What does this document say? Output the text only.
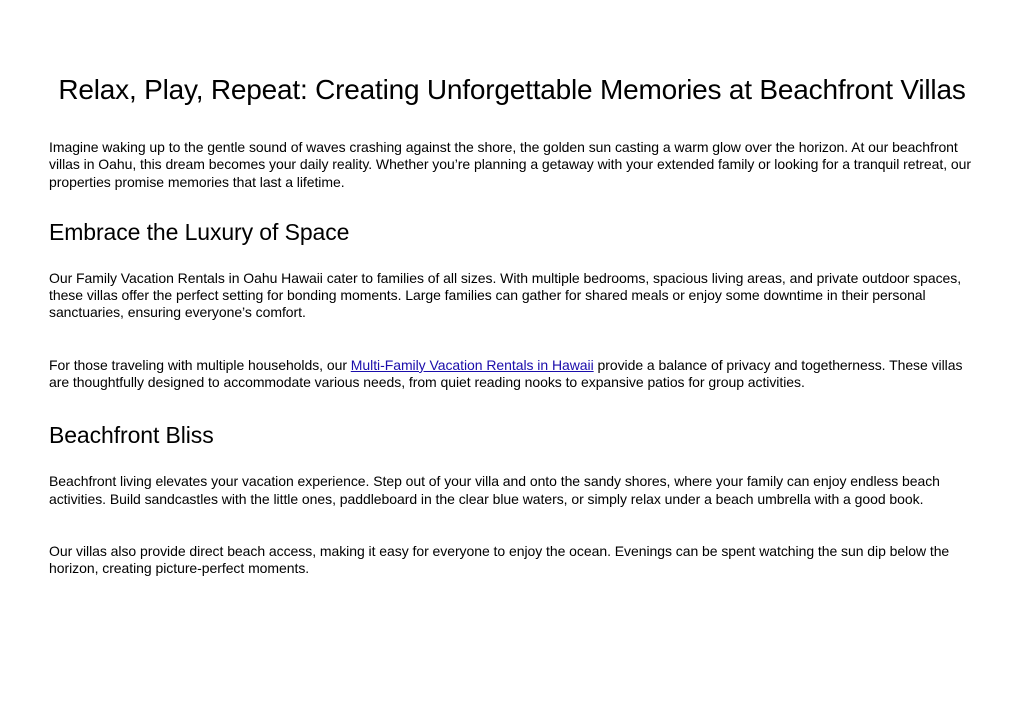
Relax, Play, Repeat: Creating Unforgettable Memories at Beachfront Villas

Imagine waking up to the gentle sound of waves crashing against the shore, the golden sun casting a warm glow over the horizon. At our beachfront villas in Oahu, this dream becomes your daily reality. Whether you’re planning a getaway with your extended family or looking for a tranquil retreat, our properties promise memories that last a lifetime.

Embrace the Luxury of Space

Our Family Vacation Rentals in Oahu Hawaii cater to families of all sizes. With multiple bedrooms, spacious living areas, and private outdoor spaces, these villas offer the perfect setting for bonding moments. Large families can gather for shared meals or enjoy some downtime in their personal sanctuaries, ensuring everyone’s comfort.

For those traveling with multiple households, our Multi-Family Vacation Rentals in Hawaii provide a balance of privacy and togetherness. These villas are thoughtfully designed to accommodate various needs, from quiet reading nooks to expansive patios for group activities.

Beachfront Bliss

Beachfront living elevates your vacation experience. Step out of your villa and onto the sandy shores, where your family can enjoy endless beach activities. Build sandcastles with the little ones, paddleboard in the clear blue waters, or simply relax under a beach umbrella with a good book.

Our villas also provide direct beach access, making it easy for everyone to enjoy the ocean. Evenings can be spent watching the sun dip below the horizon, creating picture-perfect moments.
